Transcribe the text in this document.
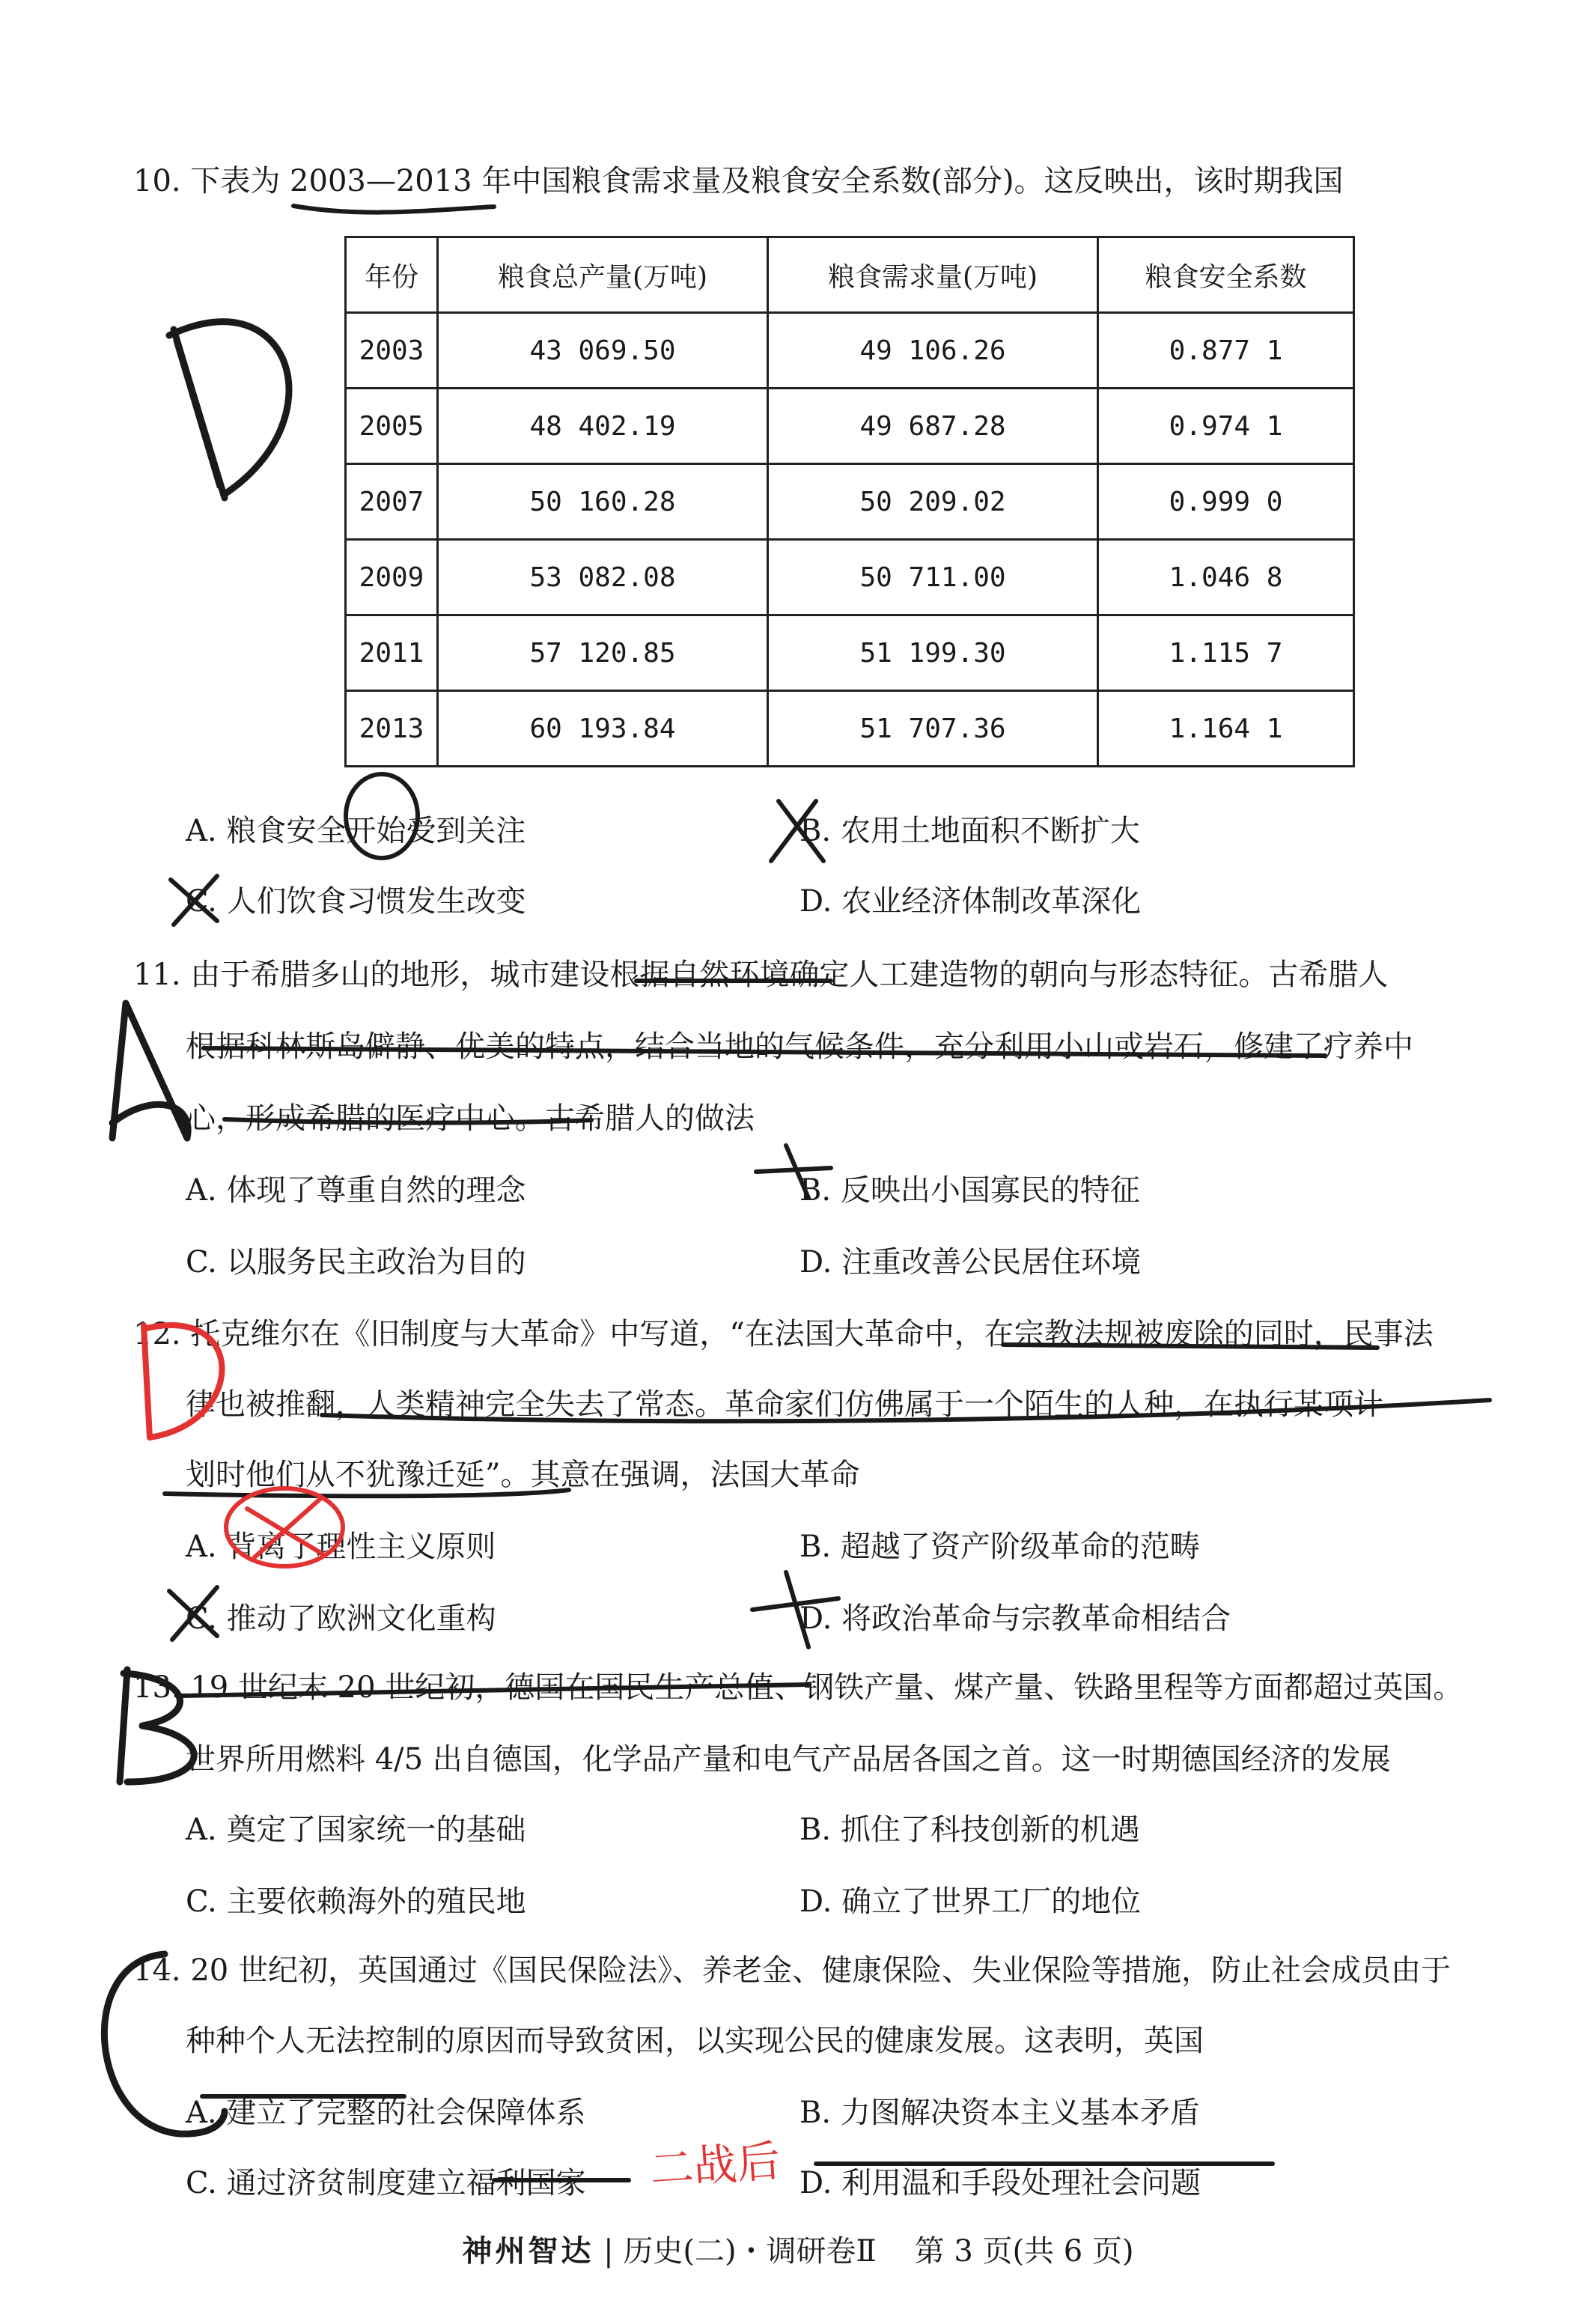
10. 下表为 2003—2013 年中国粮食需求量及粮食安全系数(部分)。这反映出，该时期我国
年份	粮食总产量(万吨)	粮食需求量(万吨)	粮食安全系数
2003	43 069.50	49 106.26	0.877 1
2005	48 402.19	49 687.28	0.974 1
2007	50 160.28	50 209.02	0.999 0
2009	53 082.08	50 711.00	1.046 8
2011	57 120.85	51 199.30	1.115 7
2013	60 193.84	51 707.36	1.164 1
A. 粮食安全开始受到关注	B. 农用土地面积不断扩大
C. 人们饮食习惯发生改变	D. 农业经济体制改革深化
11. 由于希腊多山的地形，城市建设根据自然环境确定人工建造物的朝向与形态特征。古希腊人
根据科林斯岛僻静、优美的特点，结合当地的气候条件，充分利用小山或岩石，修建了疗养中
心，形成希腊的医疗中心。古希腊人的做法
A. 体现了尊重自然的理念	B. 反映出小国寡民的特征
C. 以服务民主政治为目的	D. 注重改善公民居住环境
12. 托克维尔在《旧制度与大革命》中写道，“在法国大革命中，在宗教法规被废除的同时，民事法
律也被推翻，人类精神完全失去了常态。革命家们仿佛属于一个陌生的人种，在执行某项计
划时他们从不犹豫迁延”。其意在强调，法国大革命
A. 背离了理性主义原则	B. 超越了资产阶级革命的范畴
C. 推动了欧洲文化重构	D. 将政治革命与宗教革命相结合
13. 19 世纪末 20 世纪初，德国在国民生产总值、钢铁产量、煤产量、铁路里程等方面都超过英国。
世界所用燃料 4/5 出自德国，化学品产量和电气产品居各国之首。这一时期德国经济的发展
A. 奠定了国家统一的基础	B. 抓住了科技创新的机遇
C. 主要依赖海外的殖民地	D. 确立了世界工厂的地位
14. 20 世纪初，英国通过《国民保险法》、养老金、健康保险、失业保险等措施，防止社会成员由于
种种个人无法控制的原因而导致贫困，以实现公民的健康发展。这表明，英国
A. 建立了完整的社会保障体系	B. 力图解决资本主义基本矛盾
C. 通过济贫制度建立福利国家	D. 利用温和手段处理社会问题
神州智达 | 历史(二)・调研卷Ⅱ 第 3 页(共 6 页)
二战后
